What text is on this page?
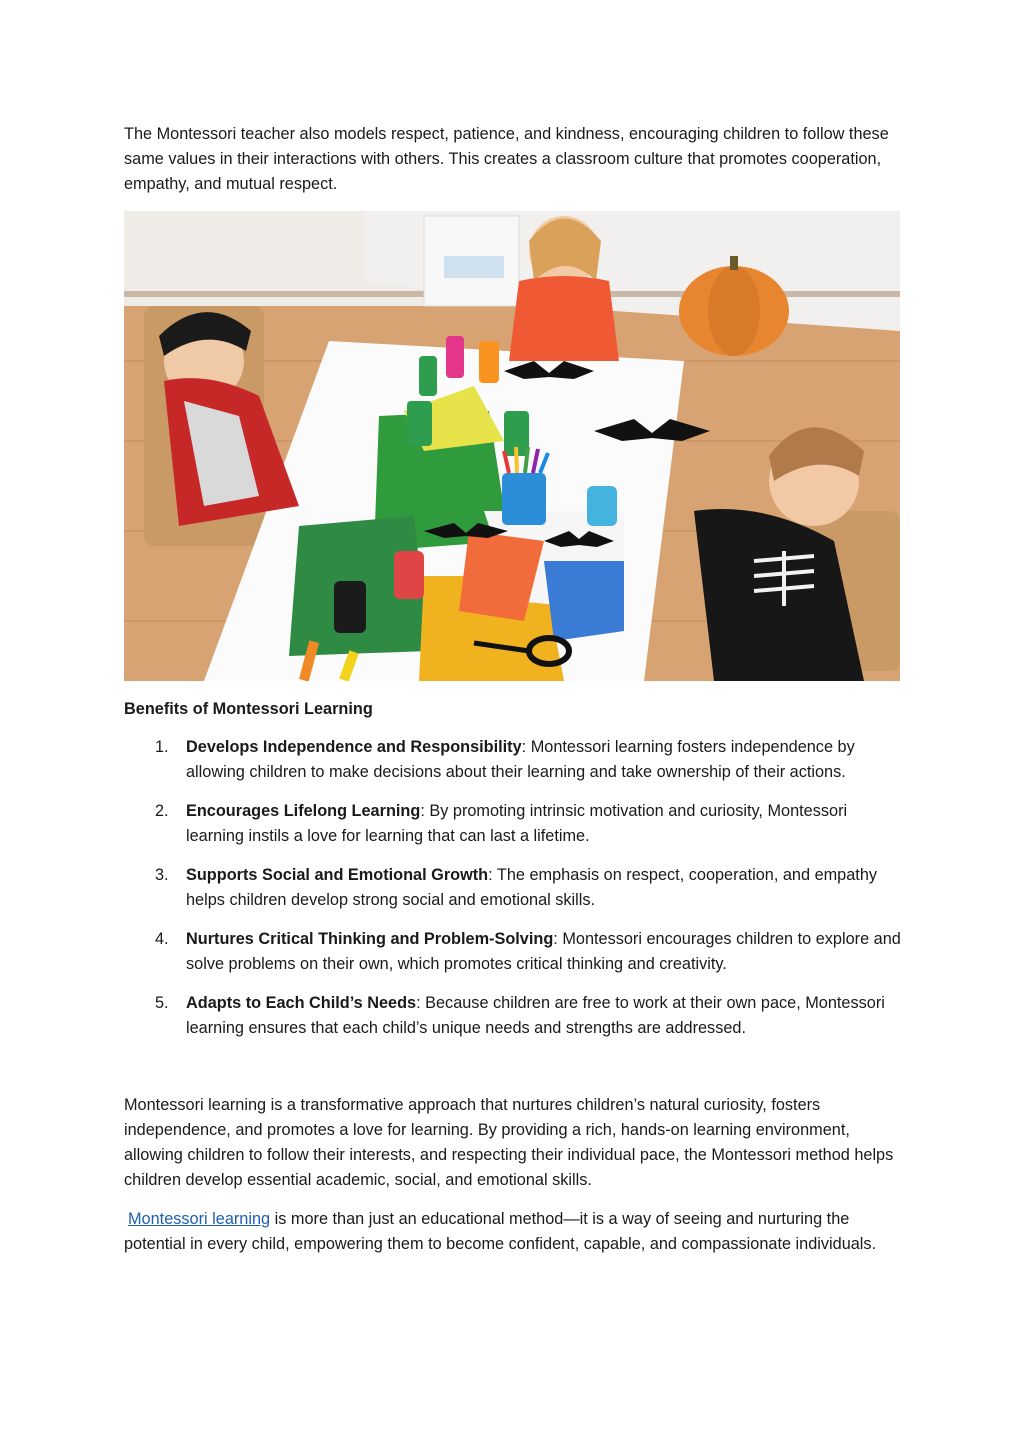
The Montessori teacher also models respect, patience, and kindness, encouraging children to follow these same values in their interactions with others. This creates a classroom culture that promotes cooperation, empathy, and mutual respect.

Benefits of Montessori Learning

1. Develops Independence and Responsibility: Montessori learning fosters independence by allowing children to make decisions about their learning and take ownership of their actions.
2. Encourages Lifelong Learning: By promoting intrinsic motivation and curiosity, Montessori learning instils a love for learning that can last a lifetime.
3. Supports Social and Emotional Growth: The emphasis on respect, cooperation, and empathy helps children develop strong social and emotional skills.
4. Nurtures Critical Thinking and Problem-Solving: Montessori encourages children to explore and solve problems on their own, which promotes critical thinking and creativity.
5. Adapts to Each Child’s Needs: Because children are free to work at their own pace, Montessori learning ensures that each child’s unique needs and strengths are addressed.

Montessori learning is a transformative approach that nurtures children’s natural curiosity, fosters independence, and promotes a love for learning. By providing a rich, hands-on learning environment, allowing children to follow their interests, and respecting their individual pace, the Montessori method helps children develop essential academic, social, and emotional skills.

Montessori learning is more than just an educational method—it is a way of seeing and nurturing the potential in every child, empowering them to become confident, capable, and compassionate individuals.
